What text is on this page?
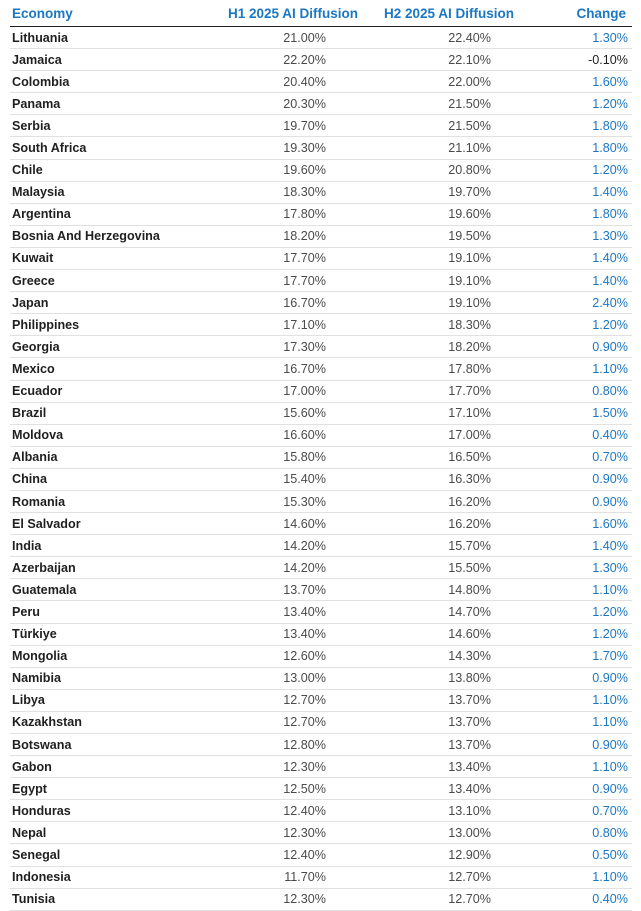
Economy	H1 2025 AI Diffusion	H2 2025 AI Diffusion	Change
Lithuania	21.00%	22.40%	1.30%
Jamaica	22.20%	22.10%	-0.10%
Colombia	20.40%	22.00%	1.60%
Panama	20.30%	21.50%	1.20%
Serbia	19.70%	21.50%	1.80%
South Africa	19.30%	21.10%	1.80%
Chile	19.60%	20.80%	1.20%
Malaysia	18.30%	19.70%	1.40%
Argentina	17.80%	19.60%	1.80%
Bosnia And Herzegovina	18.20%	19.50%	1.30%
Kuwait	17.70%	19.10%	1.40%
Greece	17.70%	19.10%	1.40%
Japan	16.70%	19.10%	2.40%
Philippines	17.10%	18.30%	1.20%
Georgia	17.30%	18.20%	0.90%
Mexico	16.70%	17.80%	1.10%
Ecuador	17.00%	17.70%	0.80%
Brazil	15.60%	17.10%	1.50%
Moldova	16.60%	17.00%	0.40%
Albania	15.80%	16.50%	0.70%
China	15.40%	16.30%	0.90%
Romania	15.30%	16.20%	0.90%
El Salvador	14.60%	16.20%	1.60%
India	14.20%	15.70%	1.40%
Azerbaijan	14.20%	15.50%	1.30%
Guatemala	13.70%	14.80%	1.10%
Peru	13.40%	14.70%	1.20%
Türkiye	13.40%	14.60%	1.20%
Mongolia	12.60%	14.30%	1.70%
Namibia	13.00%	13.80%	0.90%
Libya	12.70%	13.70%	1.10%
Kazakhstan	12.70%	13.70%	1.10%
Botswana	12.80%	13.70%	0.90%
Gabon	12.30%	13.40%	1.10%
Egypt	12.50%	13.40%	0.90%
Honduras	12.40%	13.10%	0.70%
Nepal	12.30%	13.00%	0.80%
Senegal	12.40%	12.90%	0.50%
Indonesia	11.70%	12.70%	1.10%
Tunisia	12.30%	12.70%	0.40%
